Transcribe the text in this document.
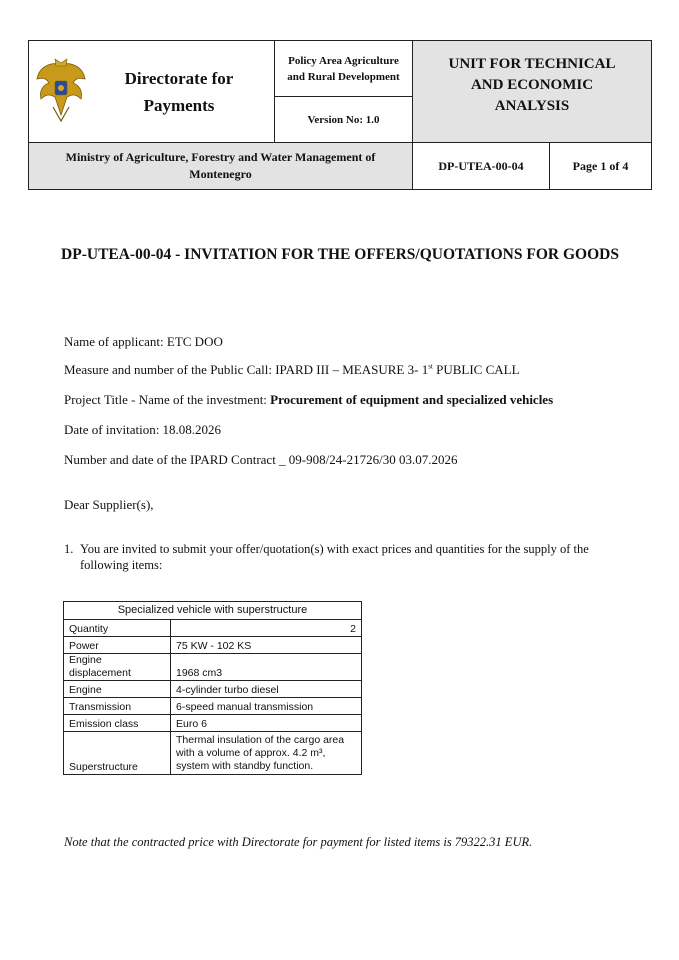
Directorate for Payments
Policy Area Agriculture and Rural Development
Version No: 1.0
UNIT FOR TECHNICAL AND ECONOMIC ANALYSIS
Ministry of Agriculture, Forestry and Water Management of Montenegro
DP-UTEA-00-04	Page 1 of 4
DP-UTEA-00-04 - INVITATION FOR THE OFFERS/QUOTATIONS FOR GOODS
Name of applicant: ETC DOO
Measure and number of the Public Call: IPARD III – MEASURE 3- 1st PUBLIC CALL
Project Title - Name of the investment: Procurement of equipment and specialized vehicles
Date of invitation: 18.08.2026
Number and date of the IPARD Contract _ 09-908/24-21726/30 03.07.2026
Dear Supplier(s),
1. You are invited to submit your offer/quotation(s) with exact prices and quantities for the supply of the following items:
Specialized vehicle with superstructure	
Quantity	2
Power	75 KW - 102 KS
Engine displacement	1968 cm3
Engine	4-cylinder turbo diesel
Transmission	6-speed manual transmission
Emission class	Euro 6
Superstructure	Thermal insulation of the cargo area with a volume of approx. 4.2 m³, system with standby function.
Note that the contracted price with Directorate for payment for listed items is 79322.31 EUR.
